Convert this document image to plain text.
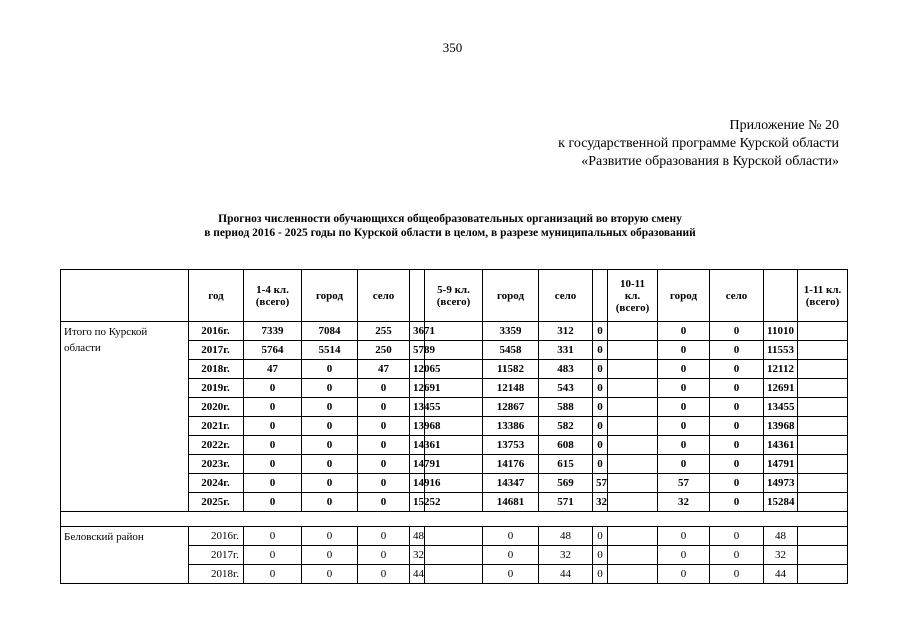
350
Приложение № 20
к государственной программе Курской области
«Развитие образования в Курской области»
Прогноз численности обучающихся общеобразовательных организаций во вторую смену
в период 2016 - 2025 годы по Курской области в целом, в разрезе муниципальных образований
	год	1-4 кл. (всего)	город	село		5-9 кл. (всего)	город	село		10-11 кл. (всего)	город	село		1-11 кл. (всего)
Итого по Курской области	2016г.	7339	7084	255	3671		3359	312	0		0	0	11010	
	2017г.	5764	5514	250	5789		5458	331	0		0	0	11553	
	2018г.	47	0	47	12065		11582	483	0		0	0	12112	
	2019г.	0	0	0	12691		12148	543	0		0	0	12691	
	2020г.	0	0	0	13455		12867	588	0		0	0	13455	
	2021г.	0	0	0	13968		13386	582	0		0	0	13968	
	2022г.	0	0	0	14361		13753	608	0		0	0	14361	
	2023г.	0	0	0	14791		14176	615	0		0	0	14791	
	2024г.	0	0	0	14916		14347	569	57		57	0	14973	
	2025г.	0	0	0	15252		14681	571	32		32	0	15284	

Беловский район	2016г.	0	0	0	48		0	48	0		0	0	48	
	2017г.	0	0	0	32		0	32	0		0	0	32	
	2018г.	0	0	0	44		0	44	0		0	0	44	
